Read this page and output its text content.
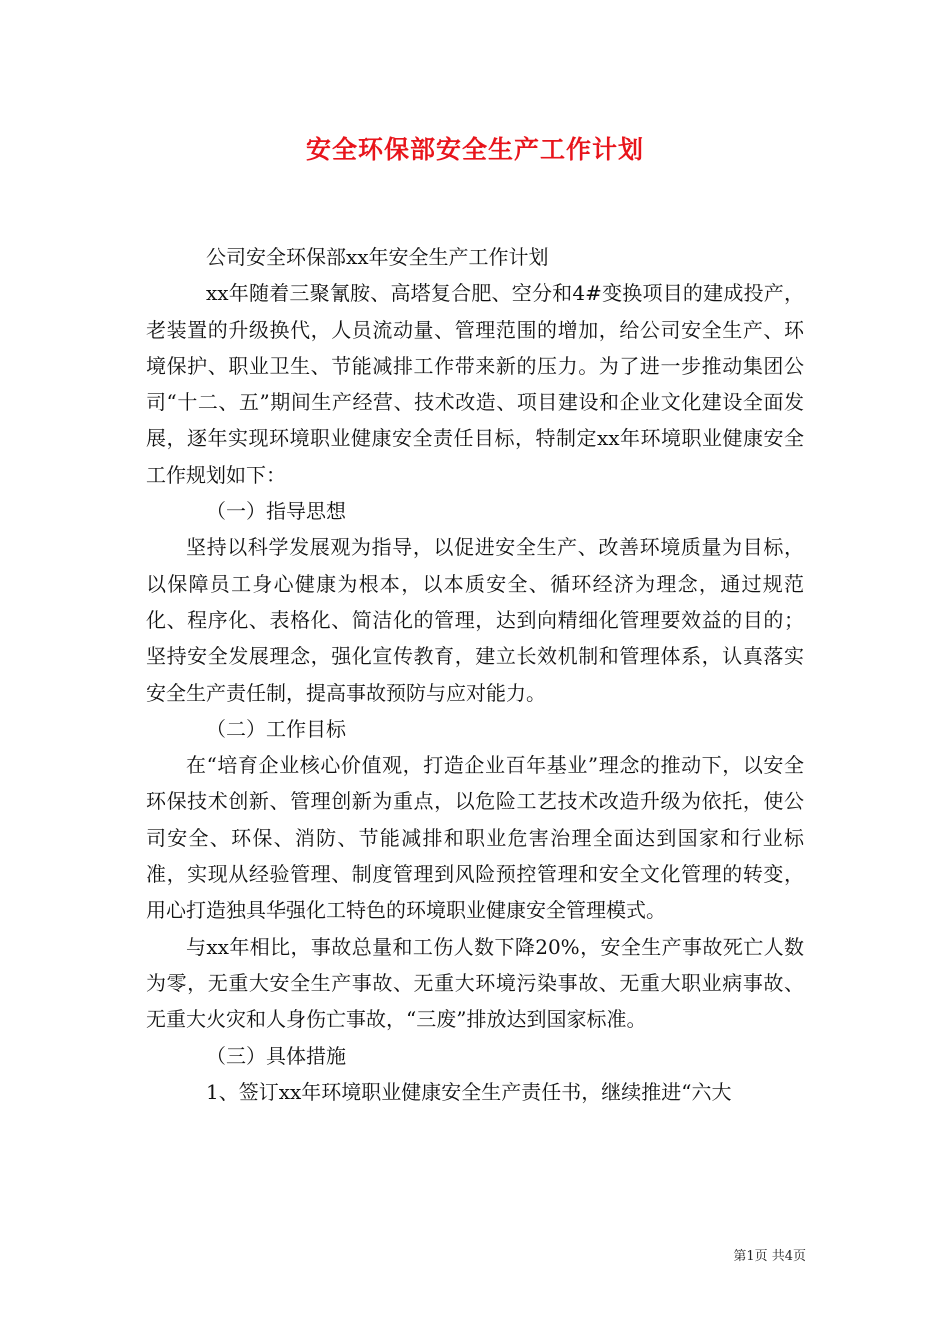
安全环保部安全生产工作计划

公司安全环保部xx年安全生产工作计划

xx年随着三聚氰胺、高塔复合肥、空分和4#变换项目的建成投产，老装置的升级换代，人员流动量、管理范围的增加，给公司安全生产、环境保护、职业卫生、节能减排工作带来新的压力。为了进一步推动集团公司“十二、五”期间生产经营、技术改造、项目建设和企业文化建设全面发展，逐年实现环境职业健康安全责任目标，特制定xx年环境职业健康安全工作规划如下：

（一）指导思想

坚持以科学发展观为指导，以促进安全生产、改善环境质量为目标，以保障员工身心健康为根本，以本质安全、循环经济为理念，通过规范化、程序化、表格化、简洁化的管理，达到向精细化管理要效益的目的；坚持安全发展理念，强化宣传教育，建立长效机制和管理体系，认真落实安全生产责任制，提高事故预防与应对能力。

（二）工作目标

在“培育企业核心价值观，打造企业百年基业”理念的推动下，以安全环保技术创新、管理创新为重点，以危险工艺技术改造升级为依托，使公司安全、环保、消防、节能减排和职业危害治理全面达到国家和行业标准，实现从经验管理、制度管理到风险预控管理和安全文化管理的转变，用心打造独具华强化工特色的环境职业健康安全管理模式。

与xx年相比，事故总量和工伤人数下降20%，安全生产事故死亡人数为零，无重大安全生产事故、无重大环境污染事故、无重大职业病事故、无重大火灾和人身伤亡事故，“三废”排放达到国家标准。

（三）具体措施

1、签订xx年环境职业健康安全生产责任书，继续推进“六大

第1页 共4页
